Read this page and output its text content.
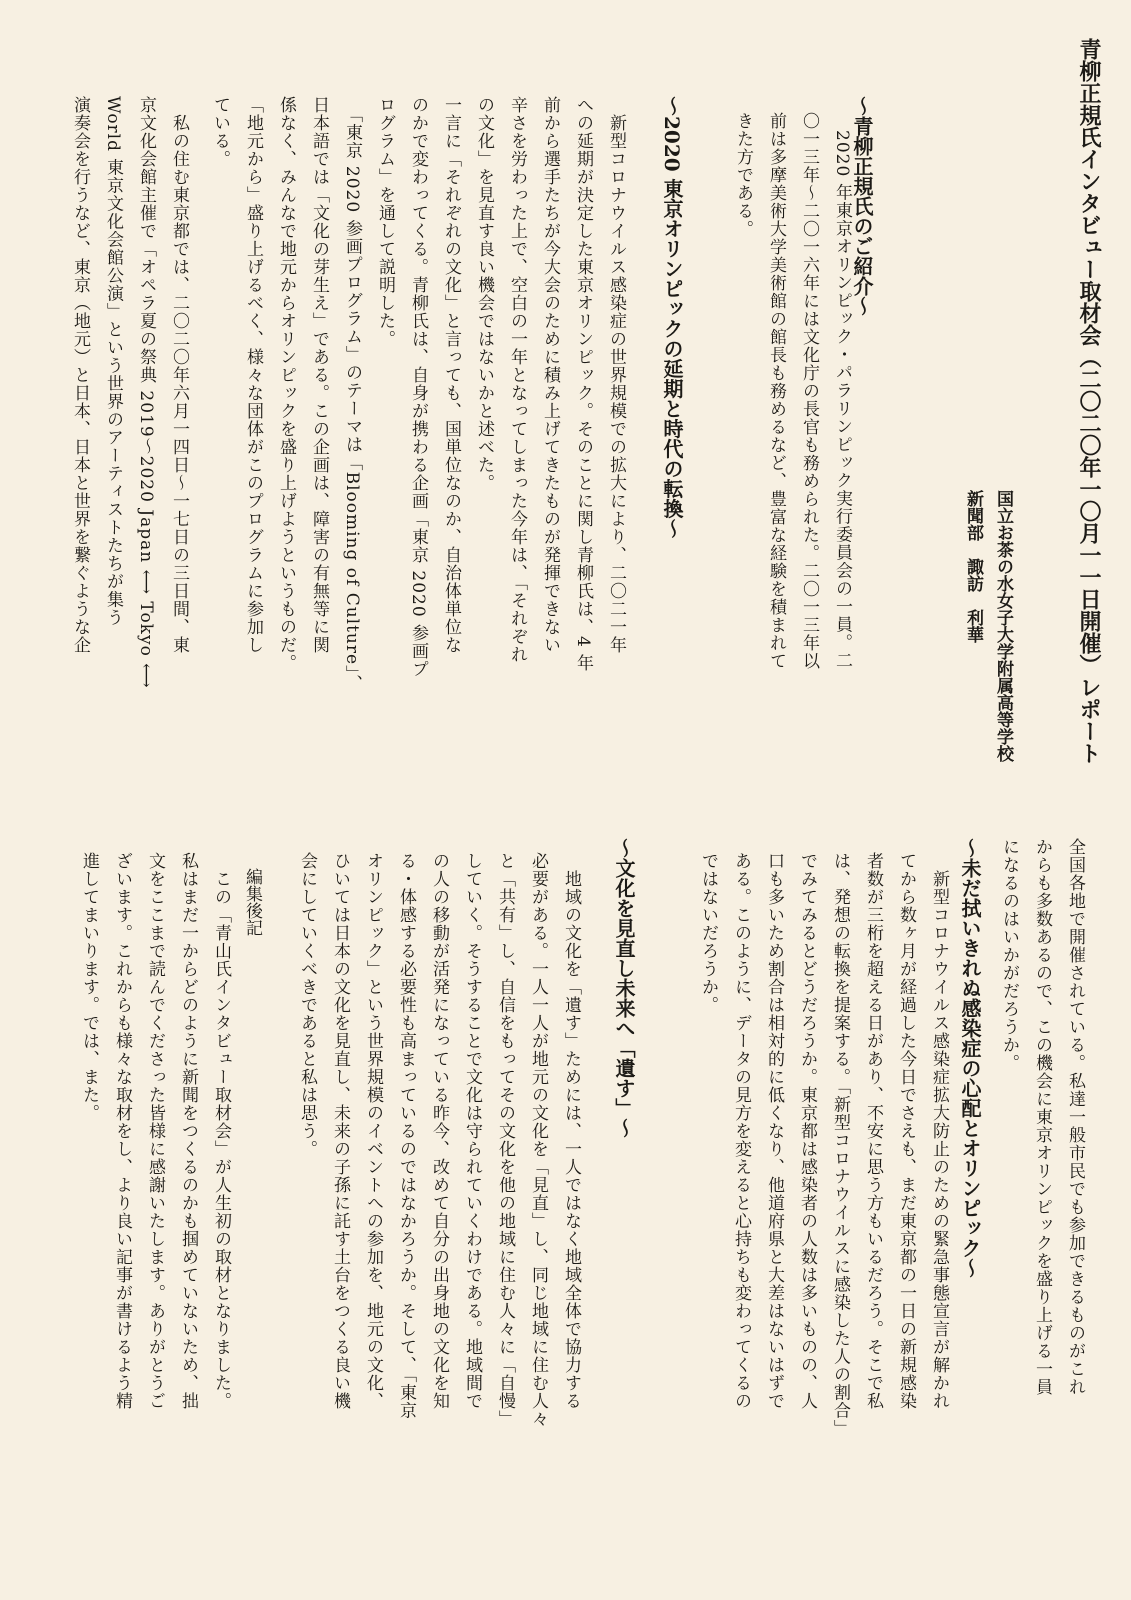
青柳正規氏インタビュー取材会（二〇二〇年一〇月一一日開催）レポート
国立お茶の水女子大学附属高等学校
新聞部　諏訪　利華
〜青柳正規氏のご紹介〜
　2020 年東京オリンピック・パラリンピック実行委員会の一員。二
〇一三年〜二〇一六年には文化庁の長官も務められた。二〇一三年以
前は多摩美術大学美術館の館長も務めるなど、豊富な経験を積まれて
きた方である。
〜2020 東京オリンピックの延期と時代の転換〜
　新型コロナウイルス感染症の世界規模での拡大により、二〇二一年
への延期が決定した東京オリンピック。そのことに関し青柳氏は、4 年
前から選手たちが今大会のために積み上げてきたものが発揮できない
辛さを労わった上で、空白の一年となってしまった今年は、「それぞれ
の文化」を見直す良い機会ではないかと述べた。
一言に「それぞれの文化」と言っても、国単位なのか、自治体単位な
のかで変わってくる。青柳氏は、自身が携わる企画「東京 2020 参画プ
ログラム」を通して説明した。
　「東京 2020 参画プログラム」のテーマは「Blooming of Culture」、
日本語では「文化の芽生え」である。この企画は、障害の有無等に関
係なく、みんなで地元からオリンピックを盛り上げようというものだ。
「地元から」盛り上げるべく、様々な団体がこのプログラムに参加し
ている。
　私の住む東京都では、二〇二〇年六月一四日〜一七日の三日間、東
京文化会館主催で「オペラ夏の祭典 2019〜2020 Japan ⟷ Tokyo ⟷
World 東京文化会館公演」という世界のアーティストたちが集う
演奏会を行うなど、東京（地元）と日本、日本と世界を繋ぐような企
全国各地で開催されている。私達一般市民でも参加できるものがこれ
からも多数あるので、この機会に東京オリンピックを盛り上げる一員
になるのはいかがだろうか。
〜未だ拭いきれぬ感染症の心配とオリンピック〜
　新型コロナウイルス感染症拡大防止のための緊急事態宣言が解かれ
てから数ヶ月が経過した今日でさえも、まだ東京都の一日の新規感染
者数が三桁を超える日があり、不安に思う方もいるだろう。そこで私
は、発想の転換を提案する。「新型コロナウイルスに感染した人の割合」
でみてみるとどうだろうか。東京都は感染者の人数は多いものの、人
口も多いため割合は相対的に低くなり、他道府県と大差はないはずで
ある。このように、データの見方を変えると心持ちも変わってくるの
ではないだろうか。
〜文化を見直し未来へ「遺す」〜
　地域の文化を「遺す」ためには、一人ではなく地域全体で協力する
必要がある。一人一人が地元の文化を「見直」し、同じ地域に住む人々
と「共有」し、自信をもってその文化を他の地域に住む人々に「自慢」
していく。そうすることで文化は守られていくわけである。地域間で
の人の移動が活発になっている昨今、改めて自分の出身地の文化を知
る・体感する必要性も高まっているのではなかろうか。そして、「東京
オリンピック」という世界規模のイベントへの参加を、地元の文化、
ひいては日本の文化を見直し、未来の子孫に託す土台をつくる良い機
会にしていくべきであると私は思う。
編集後記
　この「青山氏インタビュー取材会」が人生初の取材となりました。
私はまだ一からどのように新聞をつくるのかも掴めていないため、拙
文をここまで読んでくださった皆様に感謝いたします。ありがとうご
ざいます。これからも様々な取材をし、より良い記事が書けるよう精
進してまいります。では、また。
